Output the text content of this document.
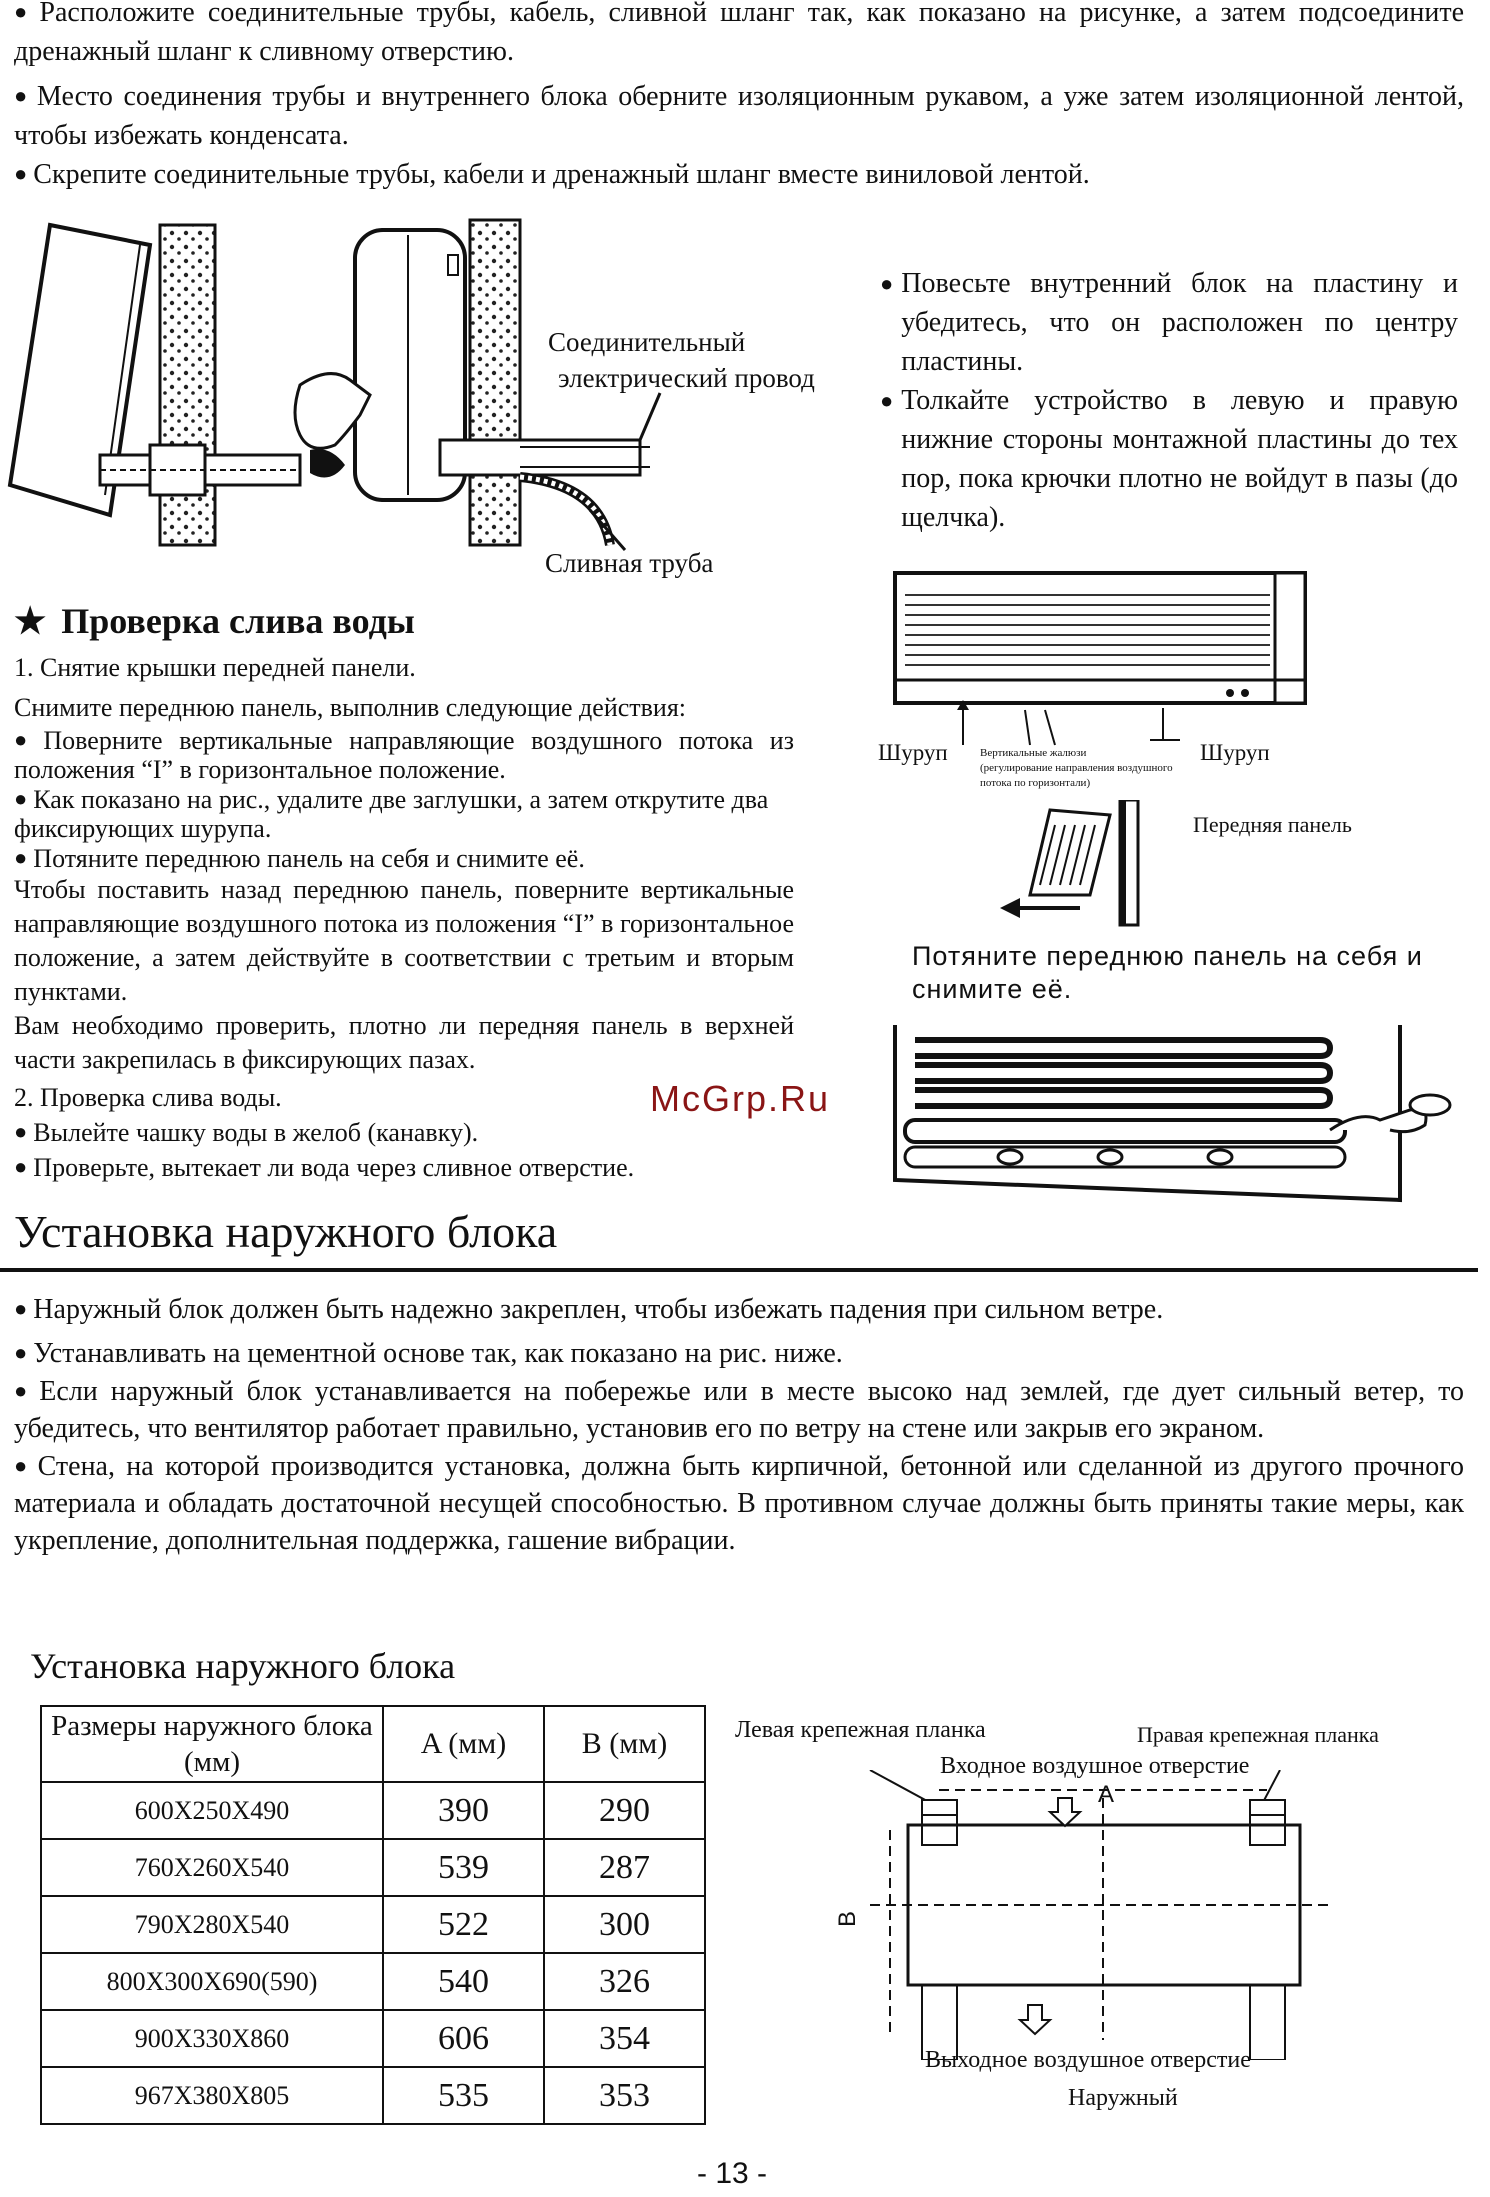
● Расположите соединительные трубы, кабель, сливной шланг так, как показано на рисунке, а затем подсоедините дренажный шланг к сливному отверстию.
● Место соединения трубы и внутреннего блока оберните изоляционным рукавом, а уже затем изоляционной лентой, чтобы избежать конденсата.
● Скрепите соединительные трубы, кабели и дренажный шланг вместе виниловой лентой.
Соединительный
электрический провод
Сливная труба
● Повесьте внутренний блок на пластину и убедитесь, что он расположен по центру пластины.
● Толкайте устройство в левую и правую нижние стороны монтажной пластины до тех пор, пока крючки плотно не войдут в пазы (до щелчка).
Шуруп	Шуруп
Вертикальные жалюзи
(регулирование направления воздушного потока по горизонтали)
Передняя панель
Потяните переднюю панель на себя и снимите её.
★ Проверка слива воды
1. Снятие крышки передней панели.
Снимите переднюю панель, выполнив следующие действия:
● Поверните вертикальные направляющие воздушного потока из положения “I” в горизонтальное положение.
● Как показано на рис., удалите две заглушки, а затем открутите два фиксирующих шурупа.
● Потяните переднюю панель на себя и снимите её.
Чтобы поставить назад переднюю панель, поверните вертикальные направляющие воздушного потока из положения “I” в горизонтальное положение, а затем действуйте в соответствии с третьим и вторым пунктами.
Вам необходимо проверить, плотно ли передняя панель в верхней части закрепилась в фиксирующих пазах.
2. Проверка слива воды.
● Вылейте чашку воды в желоб (канавку).
● Проверьте, вытекает ли вода через сливное отверстие.
McGrp.Ru
Установка наружного блока
● Наружный блок должен быть надежно закреплен, чтобы избежать падения при сильном ветре.
● Устанавливать на цементной основе так, как показано на рис. ниже.
● Если наружный блок устанавливается на побережье или в месте высоко над землей, где дует сильный ветер, то убедитесь, что вентилятор работает правильно, установив его по ветру на стене или закрыв его экраном.
● Стена, на которой производится установка, должна быть кирпичной, бетонной или сделанной из другого прочного материала и обладать достаточной несущей способностью. В противном случае должны быть приняты такие меры, как укрепление, дополнительная поддержка, гашение вибрации.
Установка наружного блока
Размеры наружного блока (мм)	A (мм)	B (мм)
600X250X490	390	290
760X260X540	539	287
790X280X540	522	300
800X300X690(590)	540	326
900X330X860	606	354
967X380X805	535	353
Левая крепежная планка	Правая крепежная планка
Входное воздушное отверстие
A
B
Выходное воздушное отверстие
Наружный
- 13 -
